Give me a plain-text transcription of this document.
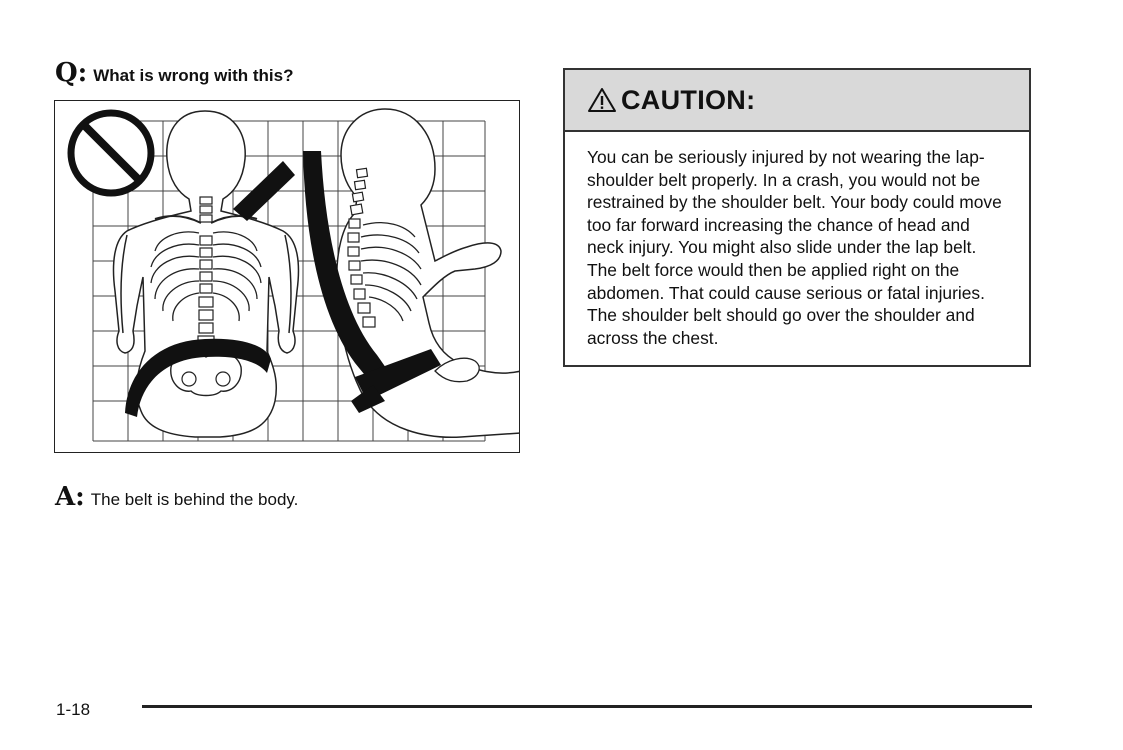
Q: What is wrong with this?
A: The belt is behind the body.
CAUTION:
You can be seriously injured by not wearing the lap-shoulder belt properly. In a crash, you would not be restrained by the shoulder belt. Your body could move too far forward increasing the chance of head and neck injury. You might also slide under the lap belt. The belt force would then be applied right on the abdomen. That could cause serious or fatal injuries. The shoulder belt should go over the shoulder and across the chest.
1-18
